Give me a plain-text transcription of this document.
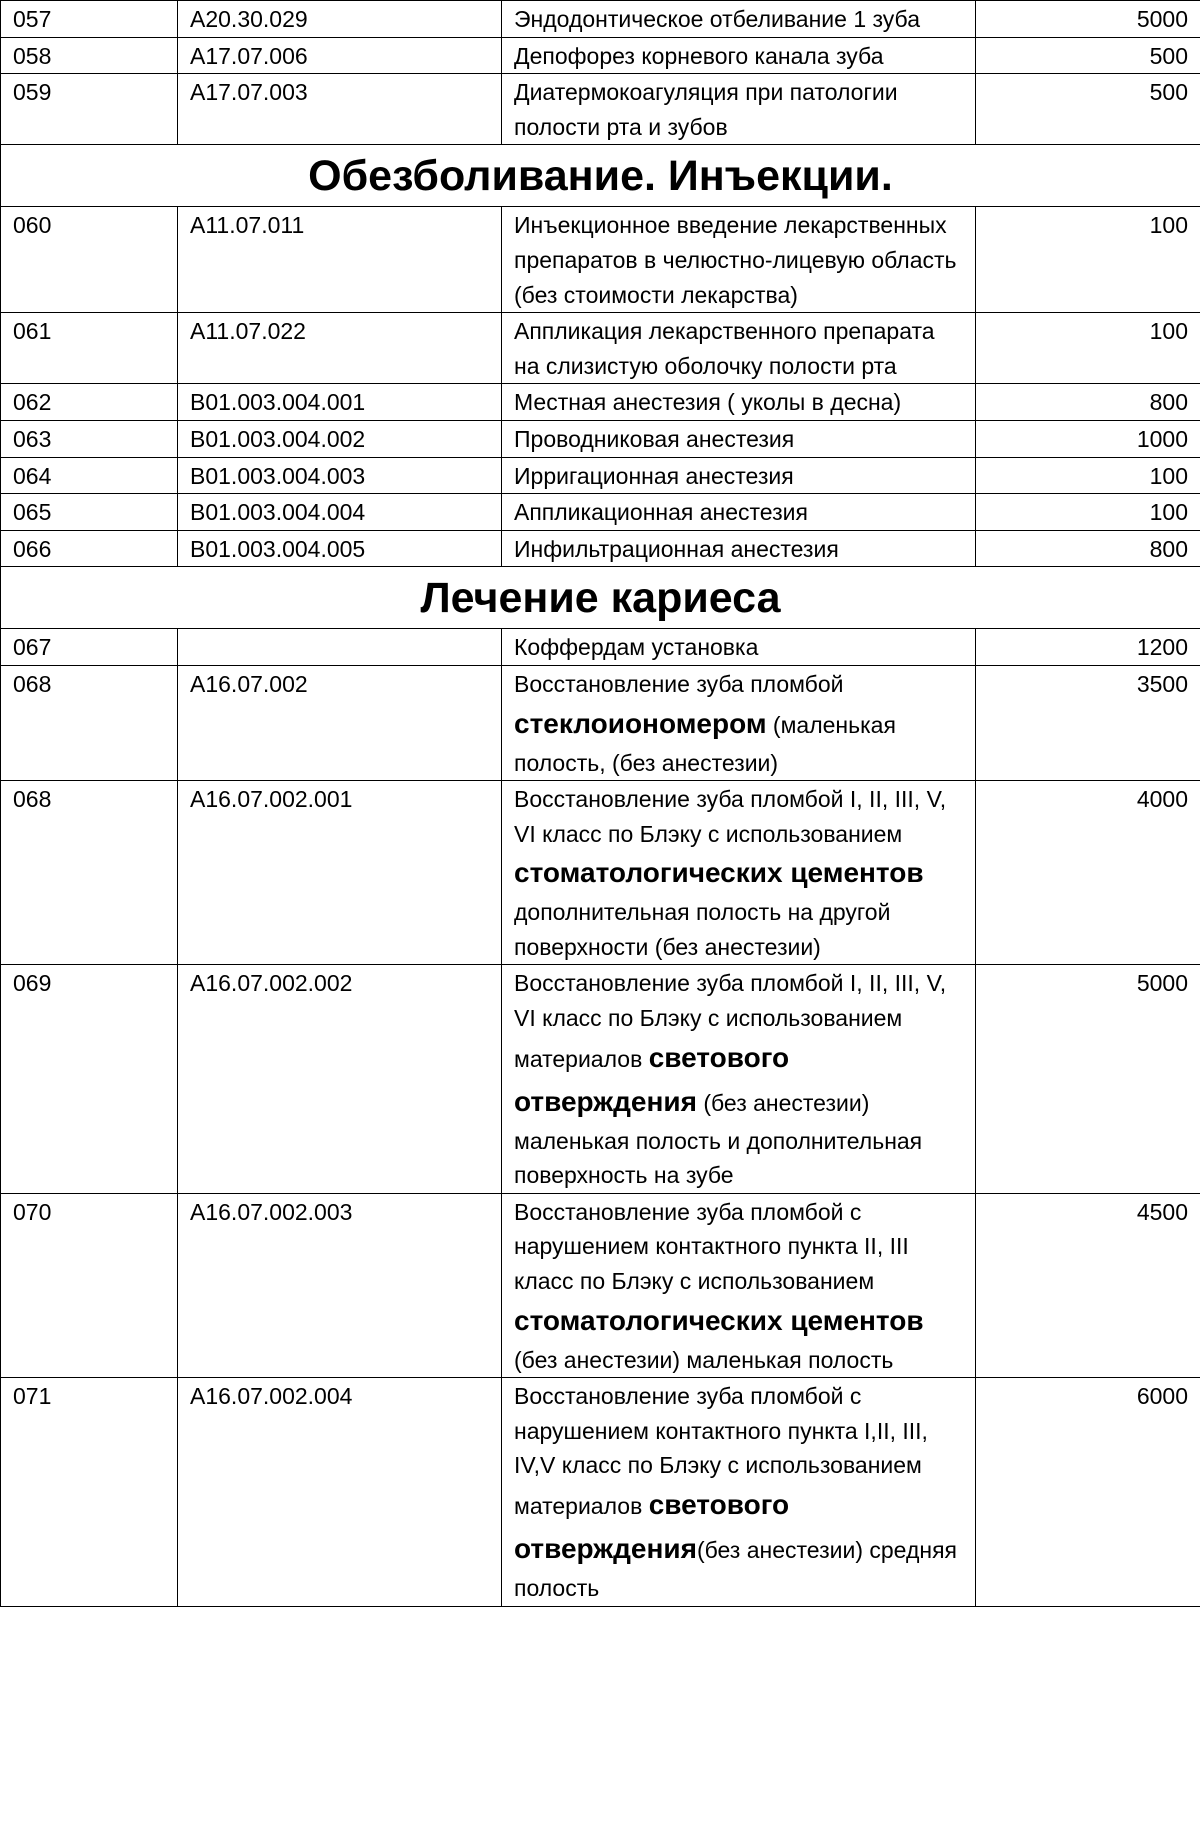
057	А20.30.029	Эндодонтическое отбеливание 1 зуба	5000
058	А17.07.006	Депофорез корневого канала зуба	500
059	А17.07.003	Диатермокоагуляция при патологии полости рта и зубов	500
Обезболивание. Инъекции.			
060	А11.07.011	Инъекционное введение лекарственных препаратов в челюстно-лицевую область (без стоимости лекарства)	100
061	А11.07.022	Аппликация лекарственного препарата на слизистую оболочку полости рта	100
062	В01.003.004.001	Местная анестезия ( уколы в десна)	800
063	В01.003.004.002	Проводниковая анестезия	1000
064	В01.003.004.003	Ирригационная анестезия	100
065	В01.003.004.004	Аппликационная анестезия	100
066	В01.003.004.005	Инфильтрационная анестезия	800
Лечение кариеса			
067		Коффердам установка	1200
068	А16.07.002	Восстановление зуба пломбой стеклоиономером (маленькая полость, (без анестезии)	3500
068	А16.07.002.001	Восстановление зуба пломбой I, II, III, V, VI класс по Блэку с использованием стоматологических цементов дополнительная полость на другой поверхности (без анестезии)	4000
069	А16.07.002.002	Восстановление зуба пломбой I, II, III, V, VI класс по Блэку с использованием материалов светового отверждения (без анестезии) маленькая полость и дополнительная поверхность на зубе	5000
070	А16.07.002.003	Восстановление зуба пломбой с нарушением контактного пункта II, III класс по Блэку с использованием стоматологических цементов (без анестезии) маленькая полость	4500
071	А16.07.002.004	Восстановление зуба пломбой с нарушением контактного пункта I,II, III, IV,V класс по Блэку с использованием материалов светового отверждения(без анестезии) средняя полость	6000
